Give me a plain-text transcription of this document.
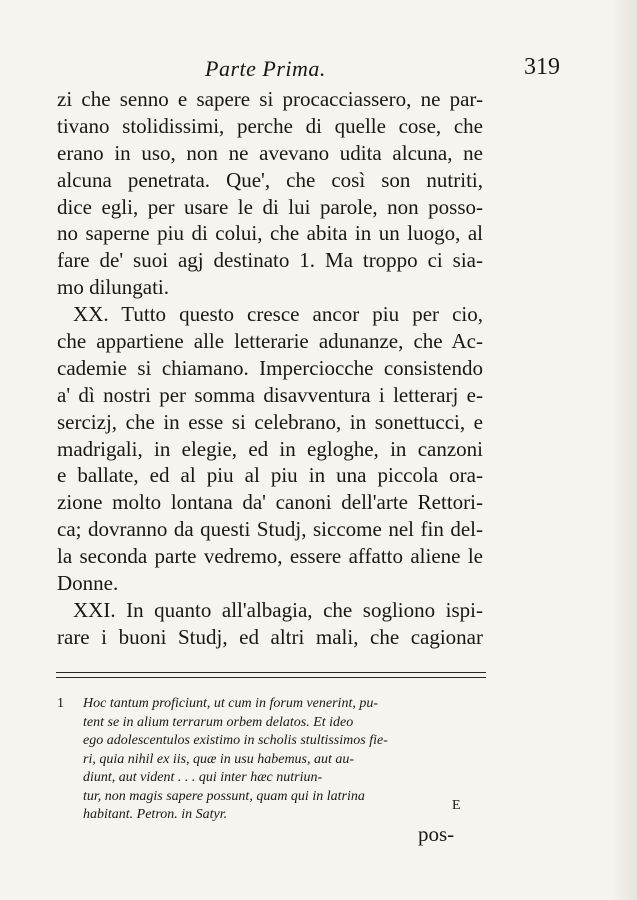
Parte Prima.	319
zi che senno e sapere si procacciassero, ne par-
tivano stolidissimi, perche di quelle cose, che
erano in uso, non ne avevano udita alcuna, ne
alcuna penetrata. Que', che così son nutriti,
dice egli, per usare le di lui parole, non posso-
no saperne piu di colui, che abita in un luogo, al
fare de' suoi agj destinato 1. Ma troppo ci sia-
mo dilungati.
XX. Tutto questo cresce ancor piu per cio,
che appartiene alle letterarie adunanze, che Ac-
cademie si chiamano. Imperciocche consistendo
a' dì nostri per somma disavventura i letterarj e-
sercizj, che in esse si celebrano, in sonettucci, e
madrigali, in elegie, ed in egloghe, in canzoni
e ballate, ed al piu al piu in una piccola ora-
zione molto lontana da' canoni dell'arte Rettori-
ca; dovranno da questi Studj, siccome nel fin del-
la seconda parte vedremo, essere affatto aliene le
Donne.
XXI. In quanto all'albagia, che sogliono ispi-
rare i buoni Studj, ed altri mali, che cagionar
1 Hoc tantum proficiunt, ut cum in forum venerint, pu-
tent se in alium terrarum orbem delatos. Et ideo
ego adolescentulos existimo in scholis stultissimos fie-
ri, quia nihil ex iis, quæ in usu habemus, aut au-
diunt, aut vident . . . qui inter hæc nutriun-
tur, non magis sapere possunt, quam qui in latrina
habitant. Petron. in Satyr.
E
pos-
